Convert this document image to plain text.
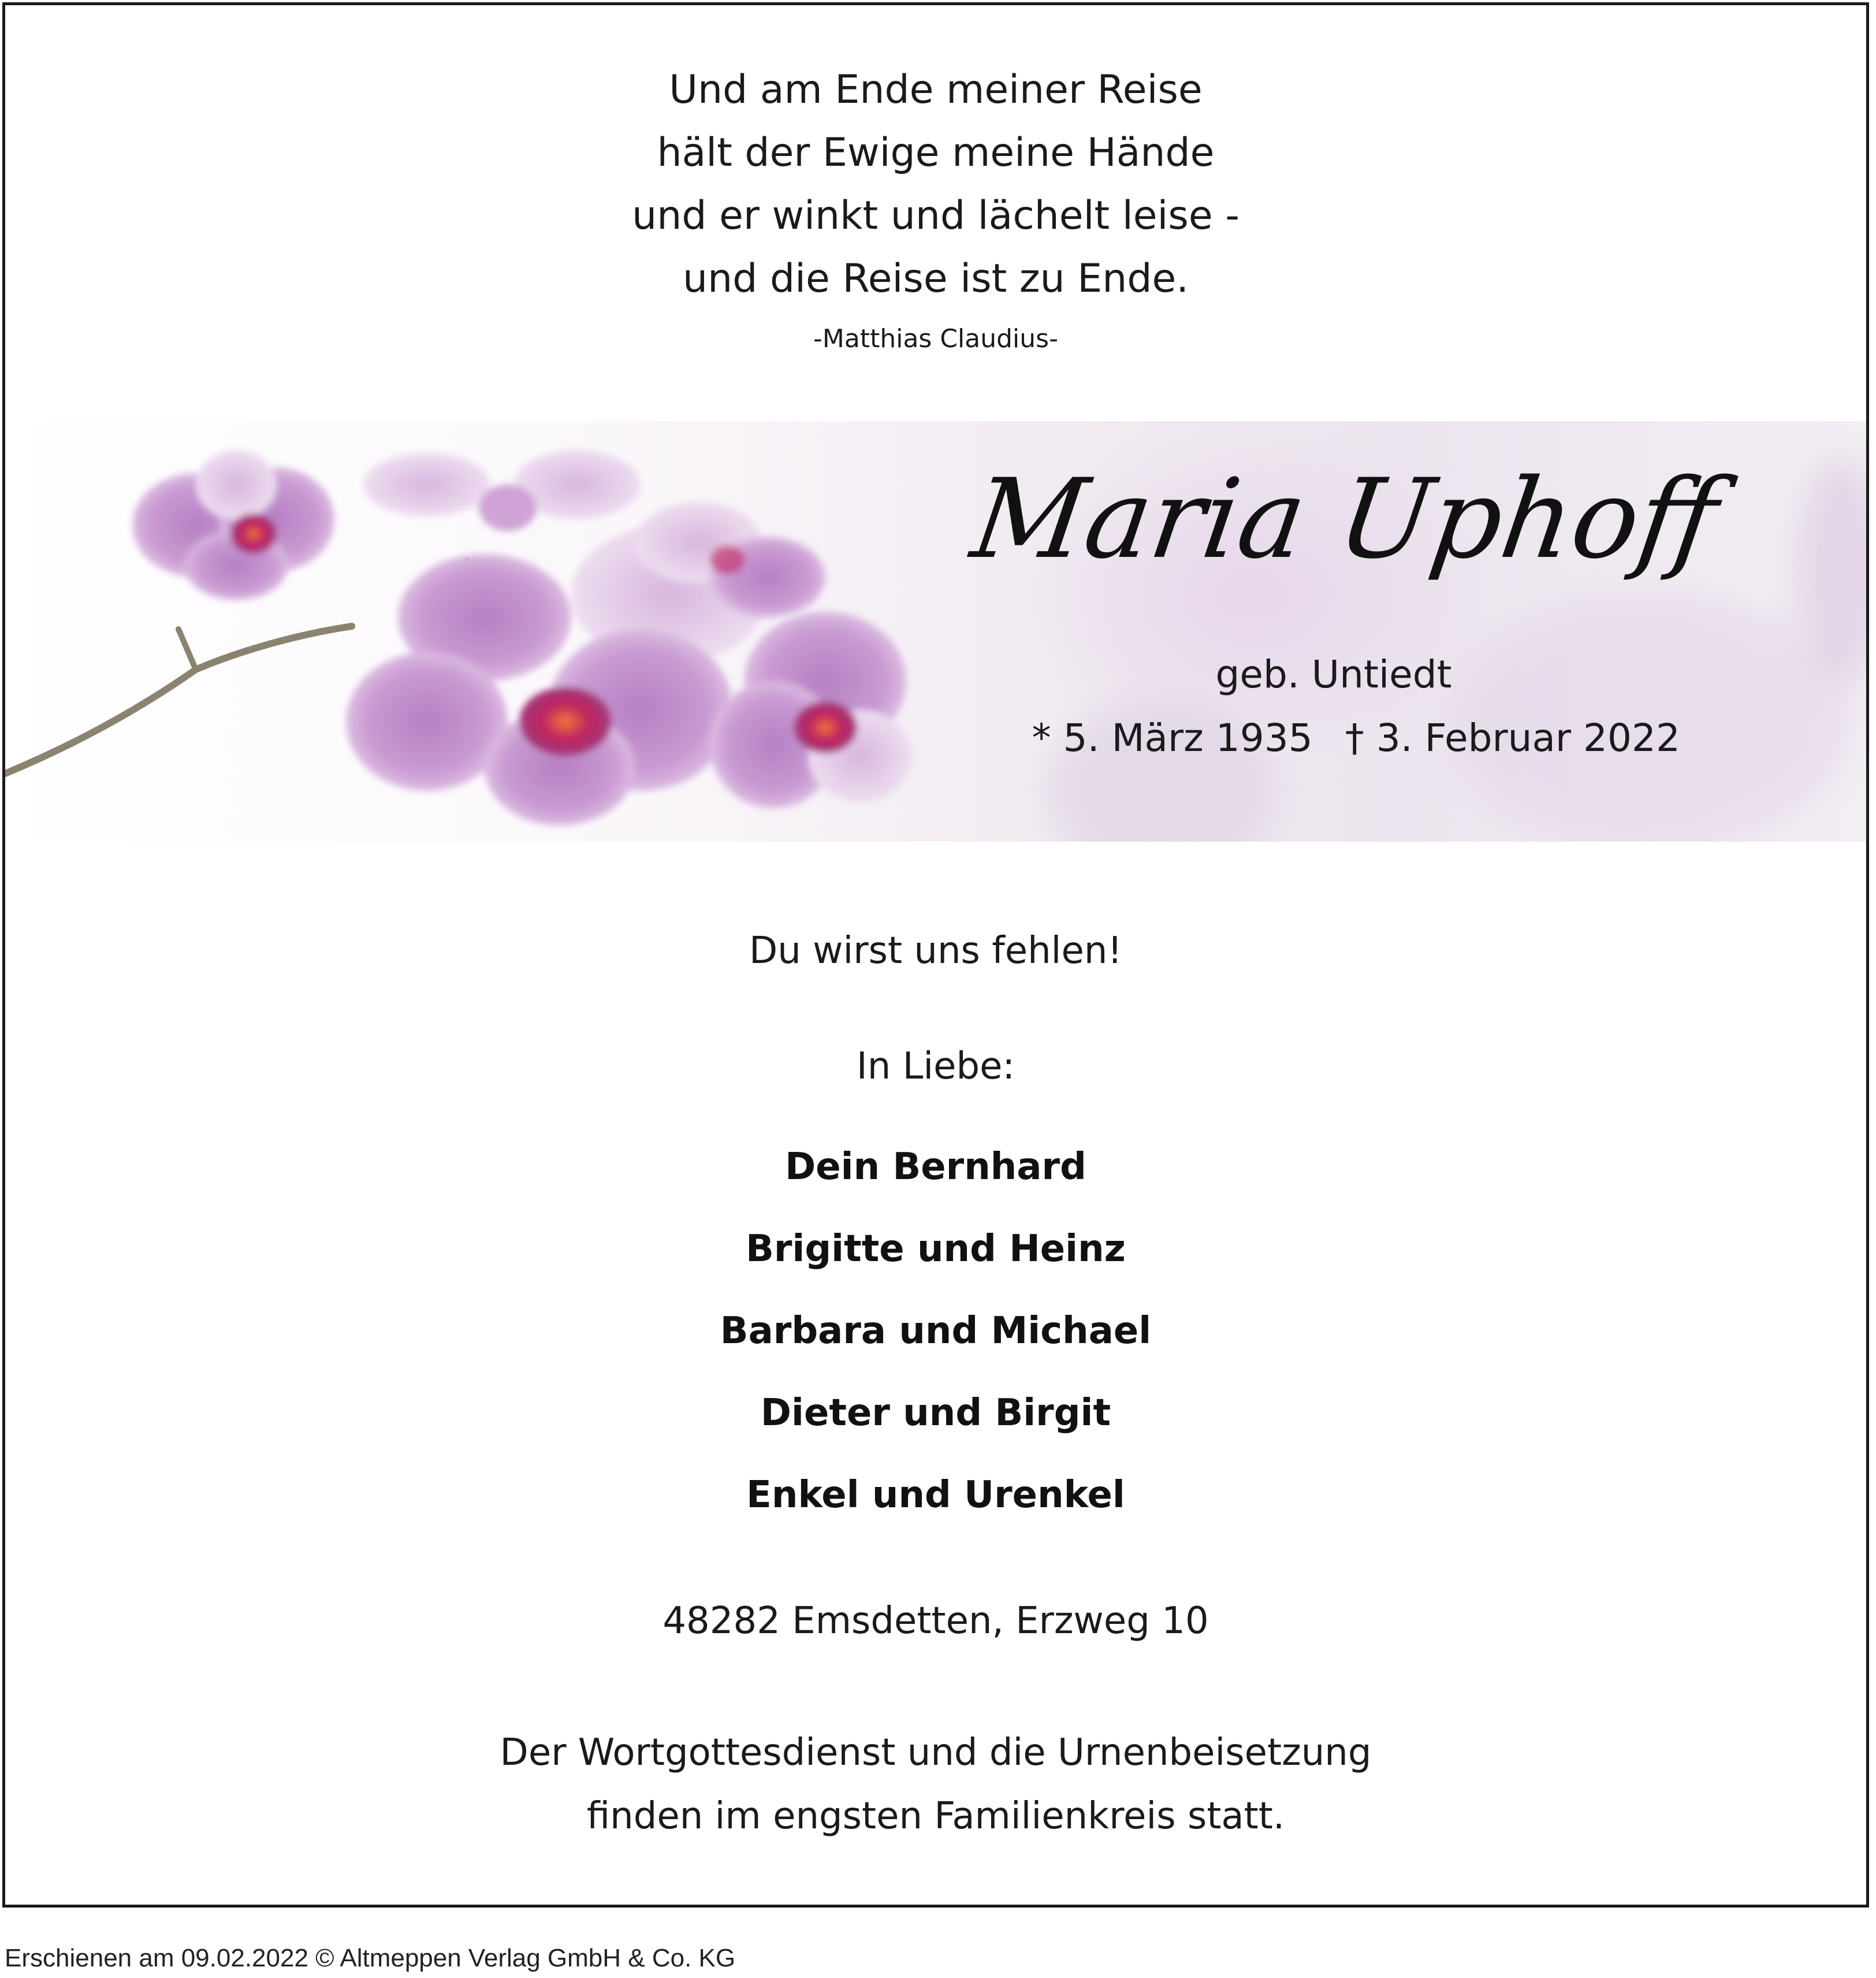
Und am Ende meiner Reise
hält der Ewige meine Hände
und er winkt und lächelt leise -
und die Reise ist zu Ende.
-Matthias Claudius-
Maria Uphoff
geb. Untiedt
* 5. März 1935 † 3. Februar 2022
Du wirst uns fehlen!
In Liebe:
Dein Bernhard
Brigitte und Heinz
Barbara und Michael
Dieter und Birgit
Enkel und Urenkel
48282 Emsdetten, Erzweg 10
Der Wortgottesdienst und die Urnenbeisetzung
finden im engsten Familienkreis statt.
Erschienen am 09.02.2022 © Altmeppen Verlag GmbH & Co. KG
